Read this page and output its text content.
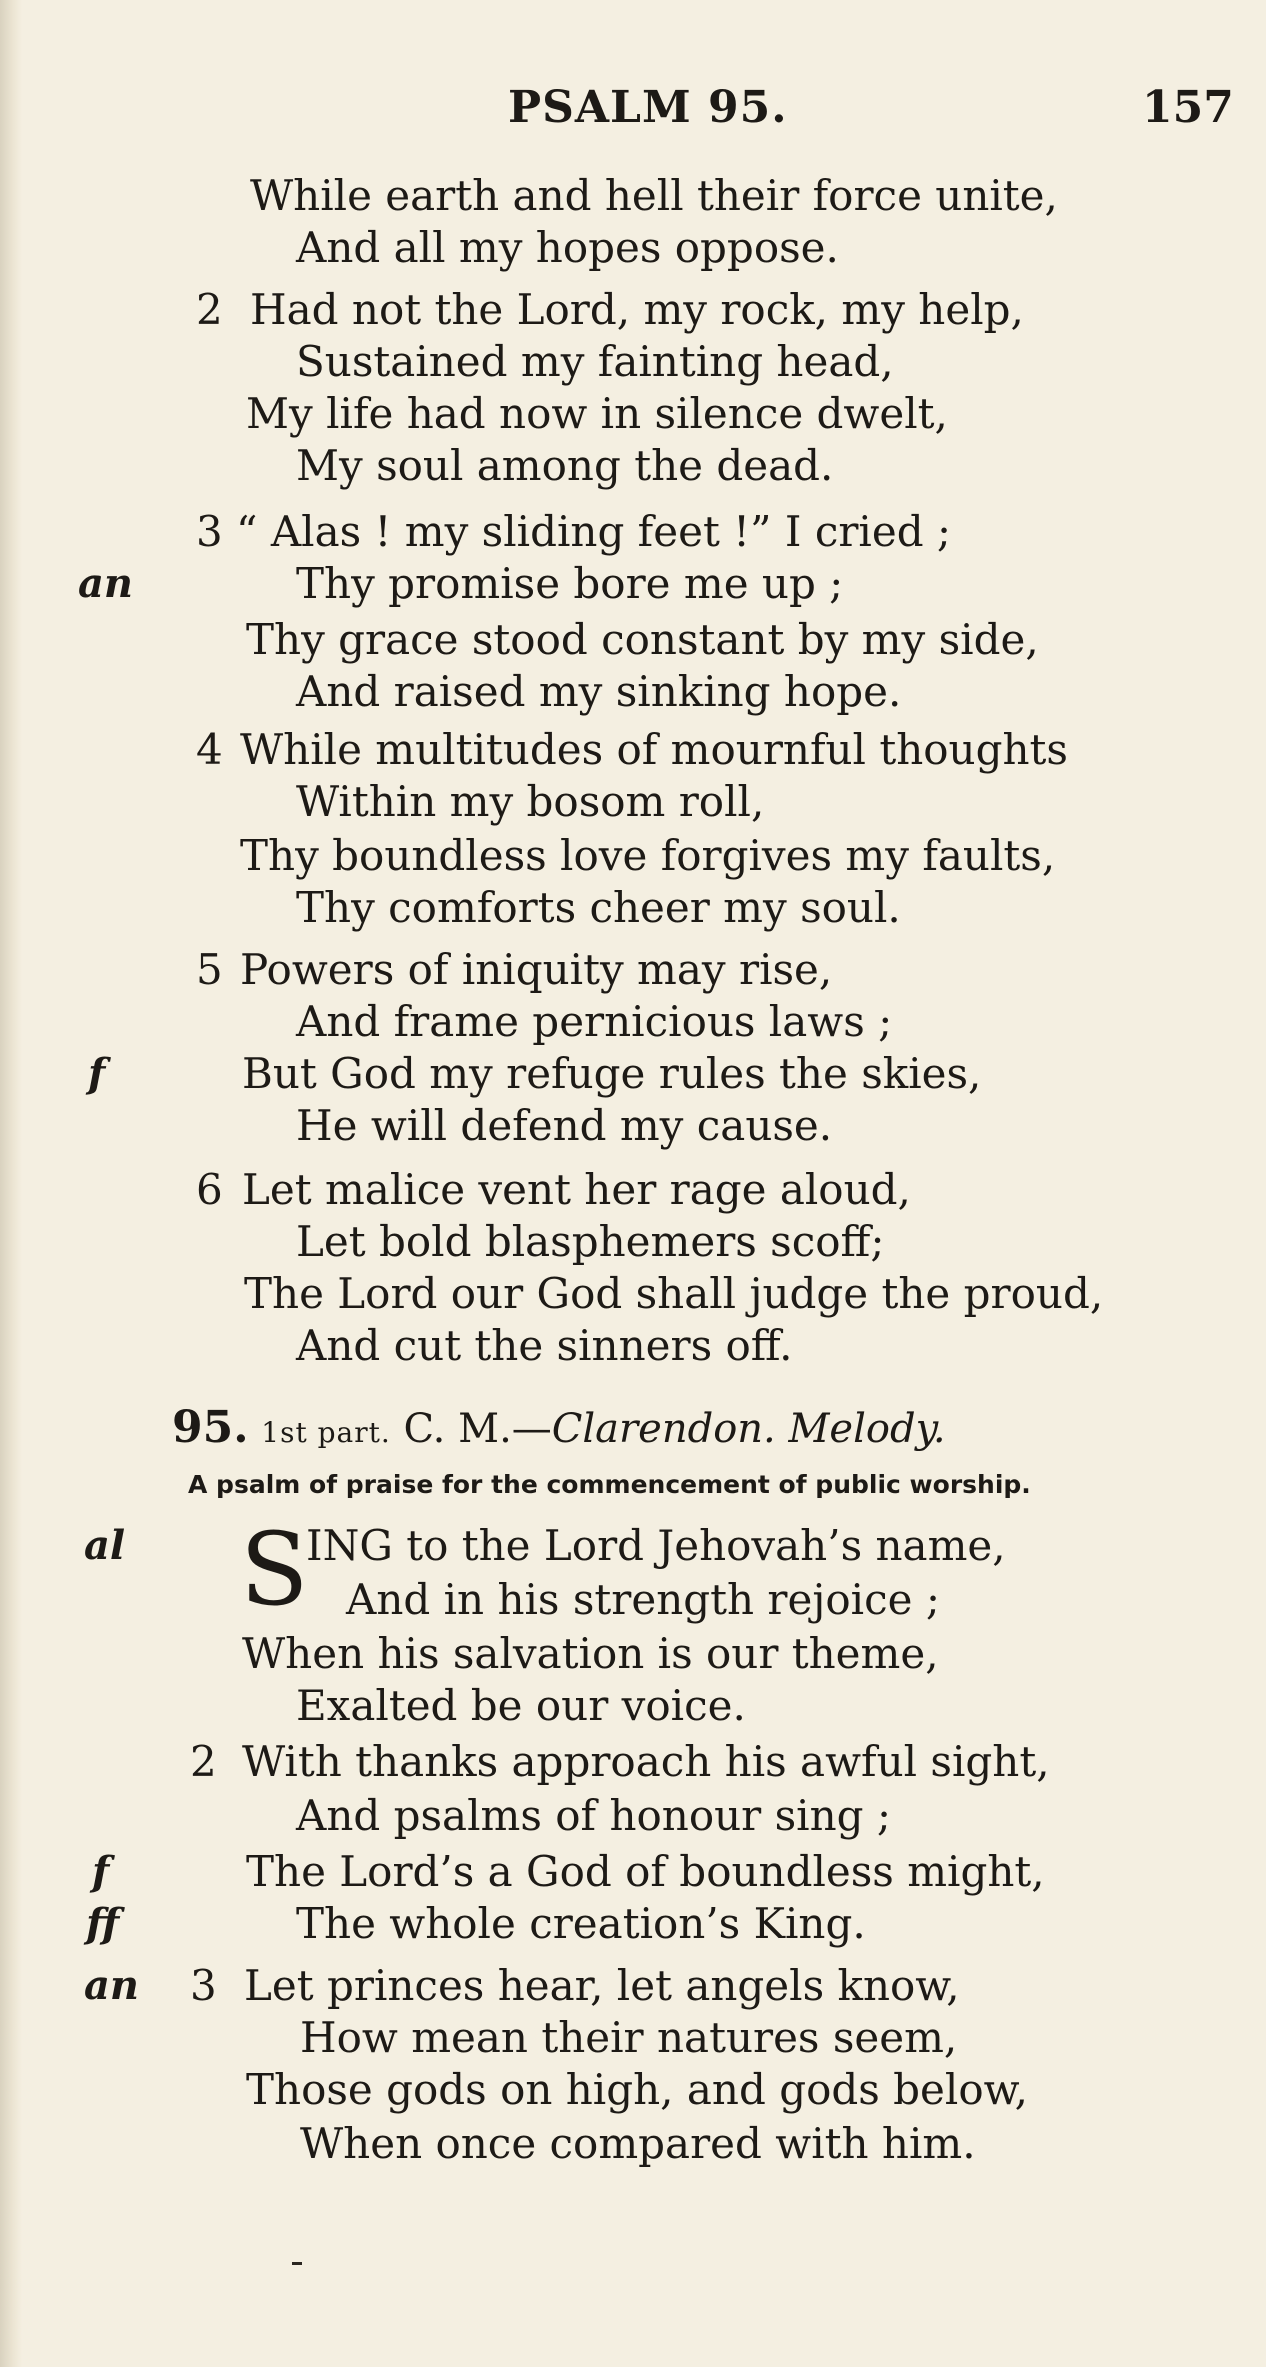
PSALM 95.	157
While earth and hell their force unite,
And all my hopes oppose.
2 Had not the Lord, my rock, my help,
Sustained my fainting head,
My life had now in silence dwelt,
My soul among the dead.
3 “ Alas ! my sliding feet !” I cried ;
an	Thy promise bore me up ;
Thy grace stood constant by my side,
And raised my sinking hope.
4 While multitudes of mournful thoughts
Within my bosom roll,
Thy boundless love forgives my faults,
Thy comforts cheer my soul.
5 Powers of iniquity may rise,
And frame pernicious laws ;
f	But God my refuge rules the skies,
He will defend my cause.
6 Let malice vent her rage aloud,
Let bold blasphemers scoff;
The Lord our God shall judge the proud,
And cut the sinners off.
95. 1st part. C. M.—Clarendon. Melody.
A psalm of praise for the commencement of public worship.
al S
ING to the Lord Jehovah’s name,
And in his strength rejoice ;
When his salvation is our theme,
Exalted be our voice.
2 With thanks approach his awful sight,
And psalms of honour sing ;
f	The Lord’s a God of boundless might,
ff	The whole creation’s King.
an 3 Let princes hear, let angels know,
How mean their natures seem,
Those gods on high, and gods below,
When once compared with him.
